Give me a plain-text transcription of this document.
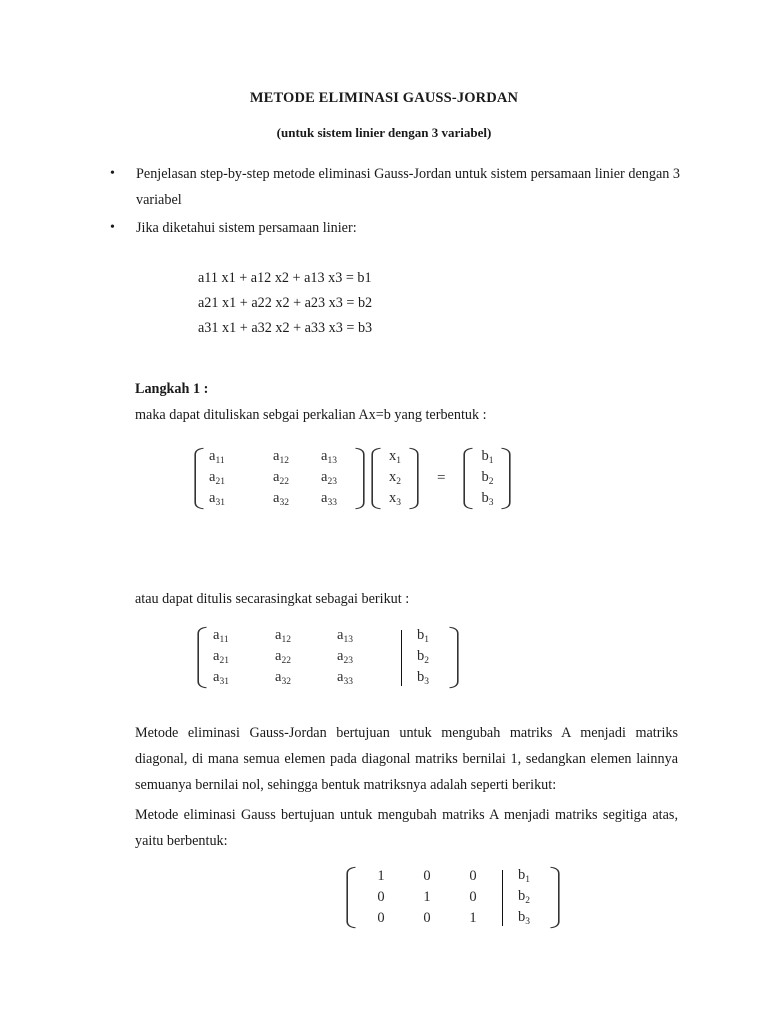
METODE ELIMINASI GAUSS-JORDAN
(untuk sistem linier dengan 3 variabel)
• Penjelasan step-by-step metode eliminasi Gauss-Jordan untuk sistem persamaan linier dengan 3 variabel
• Jika diketahui sistem persamaan linier:
a11 x1 + a12 x2 + a13 x3 = b1
a21 x1 + a22 x2 + a23 x3 = b2
a31 x1 + a32 x2 + a33 x3 = b3
Langkah 1 :
maka dapat dituliskan sebgai perkalian Ax=b yang terbentuk :
$a_{11}$	$a_{12}$	$a_{13}$
$a_{21}$	$a_{22}$	$a_{23}$
$a_{31}$	$a_{32}$	$a_{33}$
$x_1$
$x_2$
$x_3$
=
$b_1$
$b_2$
$b_3$
atau dapat ditulis secarasingkat sebagai berikut :
$a_{11}$	$a_{12}$	$a_{13}$		$b_1$
$a_{21}$	$a_{22}$	$a_{23}$		$b_2$
$a_{31}$	$a_{32}$	$a_{33}$		$b_3$
Metode eliminasi Gauss-Jordan bertujuan untuk mengubah matriks A menjadi matriks diagonal, di mana semua elemen pada diagonal matriks bernilai 1, sedangkan elemen lainnya semuanya bernilai nol, sehingga bentuk matriksnya adalah seperti berikut:
Metode eliminasi Gauss bertujuan untuk mengubah matriks A menjadi matriks segitiga atas, yaitu berbentuk:
1	0	0		$b_1$
0	1	0		$b_2$
0	0	1		$b_3$
